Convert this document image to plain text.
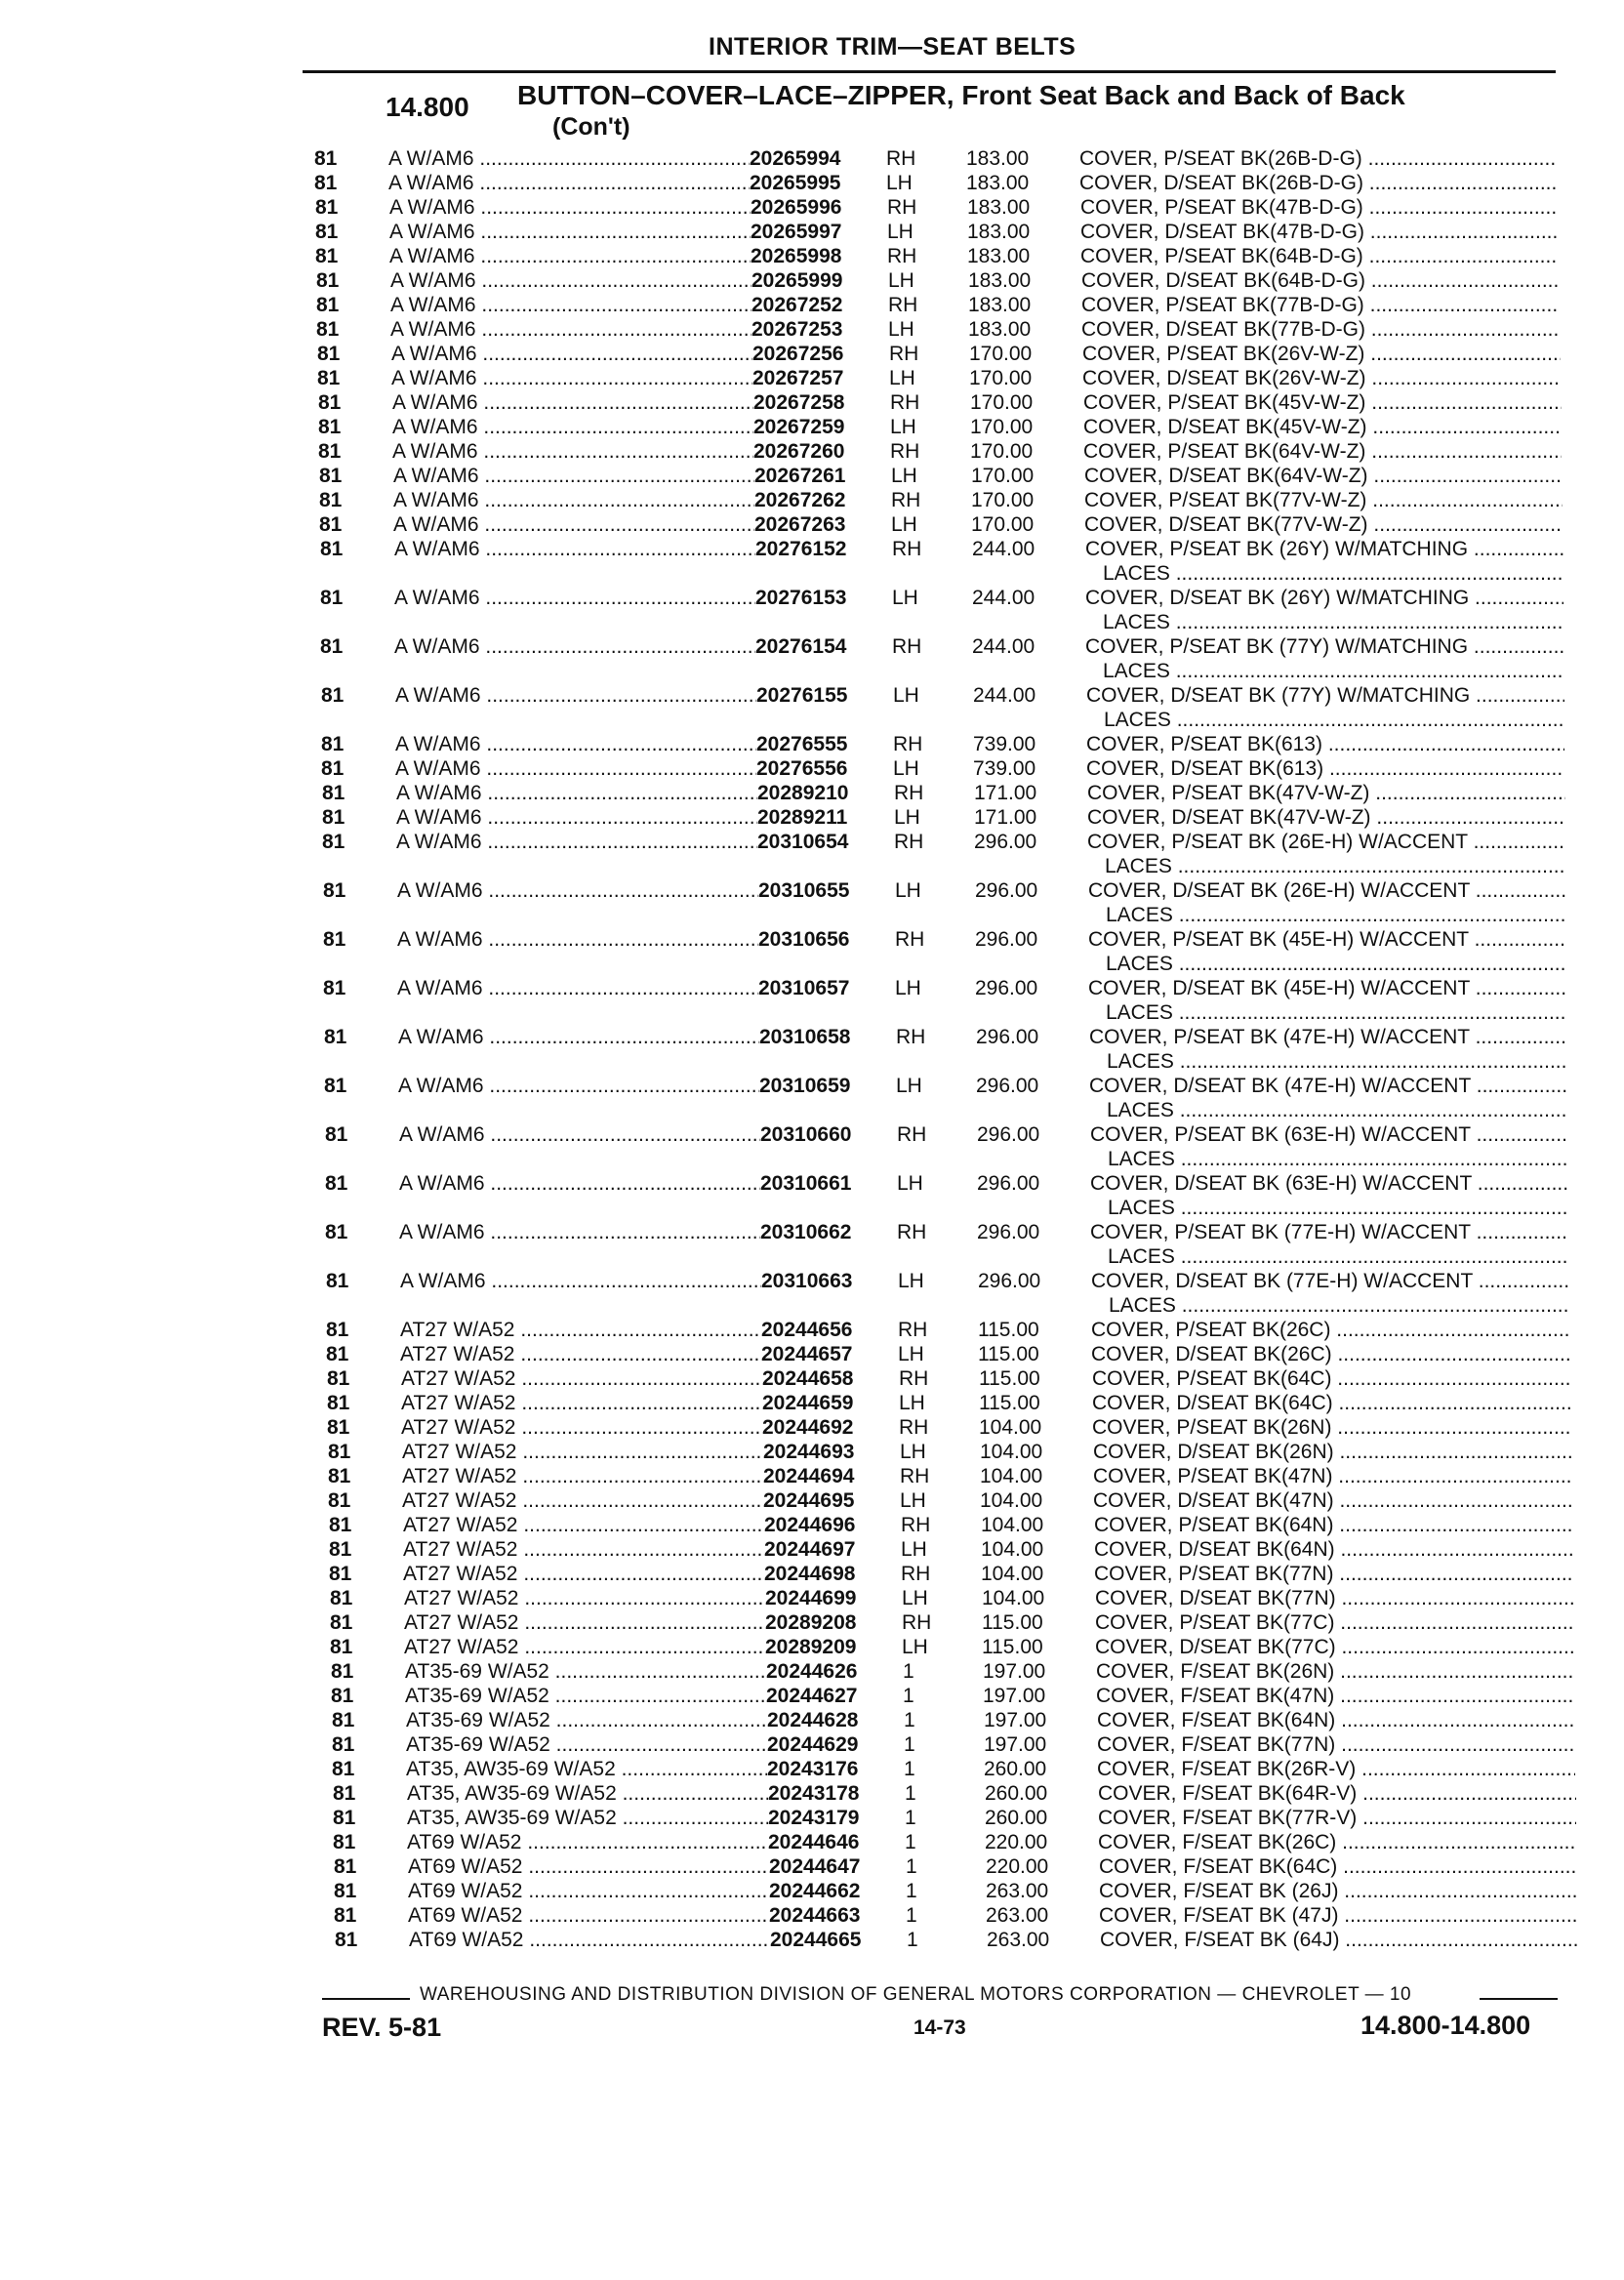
INTERIOR TRIM—SEAT BELTS
14.800 BUTTON–COVER–LACE–ZIPPER, Front Seat Back and Back of Back
(Con't)
81	A W/AM6 .....	20265994 RH 183.00	COVER, P/SEAT BK(26B-D-G) .....
81	A W/AM6 .....	20265995 LH	183.00	COVER, D/SEAT BK(26B-D-G) .....
81	A W/AM6 .....	20265996 RH 183.00	COVER, P/SEAT BK(47B-D-G) .....
81	A W/AM6 .....	20265997 LH	183.00	COVER, D/SEAT BK(47B-D-G) .....
81	A W/AM6 .....	20265998 RH 183.00	COVER, P/SEAT BK(64B-D-G) .....
81	A W/AM6 .....	20265999 LH	183.00	COVER, D/SEAT BK(64B-D-G) .....
81	A W/AM6 .....	20267252 RH 183.00	COVER, P/SEAT BK(77B-D-G) .....
81	A W/AM6 .....	20267253 LH	183.00	COVER, D/SEAT BK(77B-D-G) .....
81	A W/AM6 .....	20267256 RH 170.00	COVER, P/SEAT BK(26V-W-Z) .....
81	A W/AM6 .....	20267257 LH	170.00	COVER, D/SEAT BK(26V-W-Z) .....
81	A W/AM6 .....	20267258 RH 170.00	COVER, P/SEAT BK(45V-W-Z) .....
81	A W/AM6 .....	20267259 LH	170.00	COVER, D/SEAT BK(45V-W-Z) .....
81	A W/AM6 .....	20267260 RH 170.00	COVER, P/SEAT BK(64V-W-Z) .....
81	A W/AM6 .....	20267261 LH	170.00	COVER, D/SEAT BK(64V-W-Z) .....
81	A W/AM6 .....	20267262 RH 170.00	COVER, P/SEAT BK(77V-W-Z) .....
81	A W/AM6 .....	20267263 LH	170.00	COVER, D/SEAT BK(77V-W-Z) .....
81	A W/AM6 .....	20276152 RH 244.00	COVER, P/SEAT BK (26Y) W/MATCHING .....
LACES .....
81	A W/AM6 .....	20276153 LH	244.00	COVER, D/SEAT BK (26Y) W/MATCHING .....
LACES .....
81	A W/AM6 .....	20276154 RH 244.00	COVER, P/SEAT BK (77Y) W/MATCHING .....
LACES .....
81	A W/AM6 .....	20276155 LH	244.00	COVER, D/SEAT BK (77Y) W/MATCHING .....
LACES .....
81	A W/AM6 .....	20276555 RH 739.00	COVER, P/SEAT BK(613) .....
81	A W/AM6 .....	20276556 LH	739.00	COVER, D/SEAT BK(613) .....
81	A W/AM6 .....	20289210 RH 171.00	COVER, P/SEAT BK(47V-W-Z) .....
81	A W/AM6 .....	20289211 LH	171.00	COVER, D/SEAT BK(47V-W-Z) .....
81	A W/AM6 .....	20310654 RH 296.00	COVER, P/SEAT BK (26E-H) W/ACCENT .....
LACES .....
81	A W/AM6 .....	20310655 LH	296.00	COVER, D/SEAT BK (26E-H) W/ACCENT .....
LACES .....
81	A W/AM6 .....	20310656 RH 296.00	COVER, P/SEAT BK (45E-H) W/ACCENT .....
LACES .....
81	A W/AM6 .....	20310657 LH	296.00	COVER, D/SEAT BK (45E-H) W/ACCENT .....
LACES .....
81	A W/AM6 .....	20310658 RH 296.00	COVER, P/SEAT BK (47E-H) W/ACCENT .....
LACES .....
81	A W/AM6 .....	20310659 LH	296.00	COVER, D/SEAT BK (47E-H) W/ACCENT .....
LACES .....
81	A W/AM6 .....	20310660 RH 296.00	COVER, P/SEAT BK (63E-H) W/ACCENT .....
LACES .....
81	A W/AM6 .....	20310661 LH	296.00	COVER, D/SEAT BK (63E-H) W/ACCENT .....
LACES .....
81	A W/AM6 .....	20310662 RH 296.00	COVER, P/SEAT BK (77E-H) W/ACCENT .....
LACES .....
81	A W/AM6 .....	20310663 LH	296.00	COVER, D/SEAT BK (77E-H) W/ACCENT .....
LACES .....
81	AT27 W/A52 .....	20244656 RH 115.00	COVER, P/SEAT BK(26C) .....
81	AT27 W/A52 .....	20244657 LH	115.00	COVER, D/SEAT BK(26C) .....
81	AT27 W/A52 .....	20244658 RH 115.00	COVER, P/SEAT BK(64C) .....
81	AT27 W/A52 .....	20244659 LH	115.00	COVER, D/SEAT BK(64C) .....
81	AT27 W/A52 .....	20244692 RH 104.00	COVER, P/SEAT BK(26N) .....
81	AT27 W/A52 .....	20244693 LH	104.00	COVER, D/SEAT BK(26N) .....
81	AT27 W/A52 .....	20244694 RH 104.00	COVER, P/SEAT BK(47N) .....
81	AT27 W/A52 .....	20244695 LH	104.00	COVER, D/SEAT BK(47N) .....
81	AT27 W/A52 .....	20244696 RH 104.00	COVER, P/SEAT BK(64N) .....
81	AT27 W/A52 .....	20244697 LH	104.00	COVER, D/SEAT BK(64N) .....
81	AT27 W/A52 .....	20244698 RH 104.00	COVER, P/SEAT BK(77N) .....
81	AT27 W/A52 .....	20244699 LH	104.00	COVER, D/SEAT BK(77N) .....
81	AT27 W/A52 .....	20289208 RH 115.00	COVER, P/SEAT BK(77C) .....
81	AT27 W/A52 .....	20289209 LH	115.00	COVER, D/SEAT BK(77C) .....
81	AT35-69 W/A52 .....	20244626 1	197.00	COVER, F/SEAT BK(26N) .....
81	AT35-69 W/A52 .....	20244627 1	197.00	COVER, F/SEAT BK(47N) .....
81	AT35-69 W/A52 .....	20244628 1	197.00	COVER, F/SEAT BK(64N) .....
81	AT35-69 W/A52 .....	20244629 1	197.00	COVER, F/SEAT BK(77N) .....
81	AT35, AW35-69 W/A52 .....	20243176 1	260.00	COVER, F/SEAT BK(26R-V) .....
81	AT35, AW35-69 W/A52 .....	20243178 1	260.00	COVER, F/SEAT BK(64R-V) .....
81	AT35, AW35-69 W/A52 .....	20243179 1	260.00	COVER, F/SEAT BK(77R-V) .....
81	AT69 W/A52 .....	20244646 1	220.00	COVER, F/SEAT BK(26C) .....
81	AT69 W/A52 .....	20244647 1	220.00	COVER, F/SEAT BK(64C) .....
81	AT69 W/A52 .....	20244662 1	263.00	COVER, F/SEAT BK (26J) .....
81	AT69 W/A52 .....	20244663 1	263.00	COVER, F/SEAT BK (47J) .....
81	AT69 W/A52 .....	20244665 1	263.00	COVER, F/SEAT BK (64J) .....
WAREHOUSING AND DISTRIBUTION DIVISION OF GENERAL MOTORS CORPORATION — CHEVROLET — 10
REV. 5-81	14-73	14.800-14.800
